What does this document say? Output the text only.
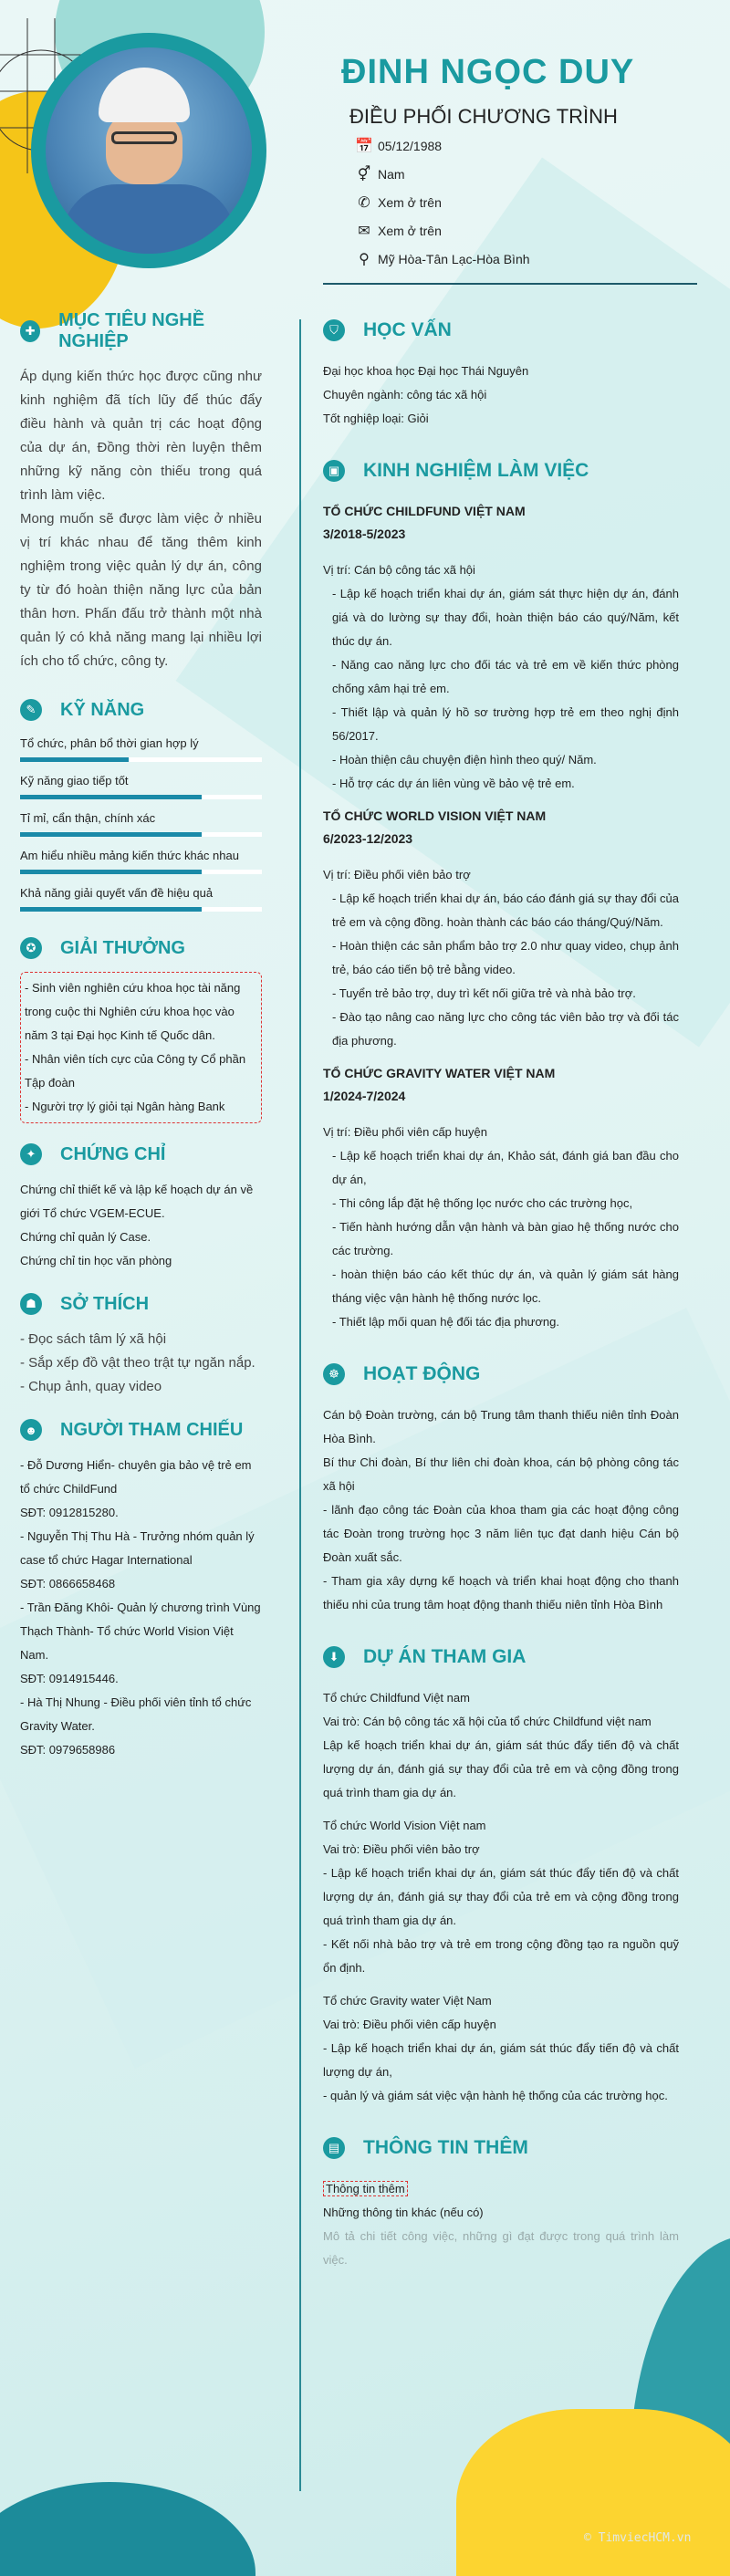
ĐINH NGỌC DUY
ĐIỀU PHỐI CHƯƠNG TRÌNH
📅 05/12/1988
⚥ Nam
✆ Xem ở trên
✉ Xem ở trên
⚲ Mỹ Hòa-Tân Lạc-Hòa Bình
✚
MỤC TIÊU NGHỀ NGHIỆP

Áp dụng kiến thức học được cũng như kinh nghiệm đã tích lũy để thúc đẩy điều hành và quản trị các hoạt động của dự án, Đồng thời rèn luyện thêm những kỹ năng còn thiếu trong quá trình làm việc.

Mong muốn sẽ được làm việc ở nhiều vị trí khác nhau để tăng thêm kinh nghiệm trong việc quản lý dự án, công ty từ đó hoàn thiện năng lực của bản thân hơn. Phấn đấu trở thành một nhà quản lý có khả năng mang lại nhiều lợi ích cho tổ chức, công ty.

✎	KỸ NĂNG
Tổ chức, phân bổ thời gian hợp lý
Kỹ năng giao tiếp tốt
Tỉ mỉ, cẩn thận, chính xác
Am hiểu nhiều mảng kiến thức khác nhau
Khả năng giải quyết vấn đề hiệu quả
✪	GIẢI THƯỞNG

- Sinh viên nghiên cứu khoa học tài năng trong cuộc thi Nghiên cứu khoa học vào năm 3 tại Đại học Kinh tế Quốc dân.

- Nhân viên tích cực của Công ty Cổ phần Tập đoàn

- Người trợ lý giỏi tại Ngân hàng Bank

✦	CHỨNG CHỈ

Chứng chỉ thiết kế và lập kế hoạch dự án về giới Tổ chức VGEM-ECUE.

Chứng chỉ quản lý Case.

Chứng chỉ tin học văn phòng

☗	SỞ THÍCH

- Đọc sách tâm lý xã hội

- Sắp xếp đồ vật theo trật tự ngăn nắp.

- Chụp ảnh, quay video

☻ NGƯỜI THAM CHIẾU

- Đỗ Dương Hiển- chuyên gia bảo vệ trẻ em tổ chức ChildFund

SĐT: 0912815280.

- Nguyễn Thị Thu Hà - Trưởng nhóm quản lý case tổ chức Hagar International

SĐT: 0866658468

- Trần Đăng Khôi- Quản lý chương trình Vùng Thạch Thành- Tổ chức World Vision Việt Nam.

SĐT: 0914915446.

- Hà Thị Nhung - Điều phối viên tỉnh tổ chức Gravity Water.

SĐT: 0979658986

⛉	HỌC VẤN

Đại học khoa học Đại học Thái Nguyên

Chuyên ngành: công tác xã hội

Tốt nghiệp loại: Giỏi

▣ KINH NGHIỆM LÀM VIỆC

TỔ CHỨC CHILDFUND VIỆT NAM

3/2018-5/2023

Vị trí: Cán bộ công tác xã hội

- Lập kế hoạch triển khai dự án, giám sát thực hiện dự án, đánh giá và do lường sự thay đổi, hoàn thiện báo cáo quý/Năm, kết thúc dự án.

- Năng cao năng lực cho đối tác và trẻ em về kiến thức phòng chống xâm hại trẻ em.

- Thiết lập và quản lý hồ sơ trường hợp trẻ em theo nghị định 56/2017.

- Hoàn thiện câu chuyện điện hình theo quý/ Năm.

- Hỗ trợ các dự án liên vùng về bảo vệ trẻ em.

TỔ CHỨC WORLD VISION VIỆT NAM

6/2023-12/2023

Vị trí: Điều phối viên bảo trợ

- Lập kế hoạch triển khai dự án, báo cáo đánh giá sự thay đổi của trẻ em và cộng đồng. hoàn thành các báo cáo tháng/Quý/Năm.

- Hoàn thiện các sản phẩm bảo trợ 2.0 như quay video, chụp ảnh trẻ, báo cáo tiến bộ trẻ bằng video.

- Tuyển trẻ bảo trợ, duy trì kết nối giữa trẻ và nhà bảo trợ.

- Đào tạo nâng cao năng lực cho công tác viên bảo trợ và đối tác địa phương.

TỔ CHỨC GRAVITY WATER VIỆT NAM

1/2024-7/2024

Vị trí: Điều phối viên cấp huyện

- Lập kế hoạch triển khai dự án, Khảo sát, đánh giá ban đầu cho dự án,

- Thi công lắp đặt hệ thống lọc nước cho các trường học,

- Tiến hành hướng dẫn vận hành và bàn giao hệ thống nước cho các trường.

- hoàn thiện báo cáo kết thúc dự án, và quản lý giám sát hàng tháng việc vận hành hệ thống nước lọc.

- Thiết lập mối quan hệ đối tác địa phương.

☸ HOẠT ĐỘNG

Cán bộ Đoàn trường, cán bộ Trung tâm thanh thiếu niên tỉnh Đoàn Hòa Bình.

Bí thư Chi đoàn, Bí thư liên chi đoàn khoa, cán bộ phòng công tác xã hội

- lãnh đạo công tác Đoàn của khoa tham gia các hoạt động công tác Đoàn trong trường học 3 năm liên tục đạt danh hiệu Cán bộ Đoàn xuất sắc.

- Tham gia xây dựng kế hoạch và triển khai hoạt động cho thanh thiếu nhi của trung tâm hoạt động thanh thiếu niên tỉnh Hòa Bình

⬇	DỰ ÁN THAM GIA

Tổ chức Childfund Việt nam

Vai trò: Cán bộ công tác xã hội của tổ chức Childfund việt nam

Lập kế hoạch triển khai dự án, giám sát thúc đẩy tiến độ và chất lượng dự án, đánh giá sự thay đổi của trẻ em và cộng đồng trong quá trình tham gia dự án.

Tổ chức World Vision Việt nam

Vai trò: Điều phối viên bảo trợ

- Lập kế hoạch triển khai dự án, giám sát thúc đẩy tiến độ và chất lượng dự án, đánh giá sự thay đổi của trẻ em và cộng đồng trong quá trình tham gia dự án.

- Kết nối nhà bảo trợ và trẻ em trong cộng đồng tạo ra nguồn quỹ ổn định.

Tổ chức Gravity water Việt Nam

Vai trò: Điều phối viên cấp huyện

- Lập kế hoạch triển khai dự án, giám sát thúc đẩy tiến độ và chất lượng dự án,

- quản lý và giám sát việc vận hành hệ thống của các trường học.

▤ THÔNG TIN THÊM

Thông tin thêm

Những thông tin khác (nếu có)

Mô tả chi tiết công việc, những gì đạt được trong quá trình làm việc.

© TimviecHCM.vn
